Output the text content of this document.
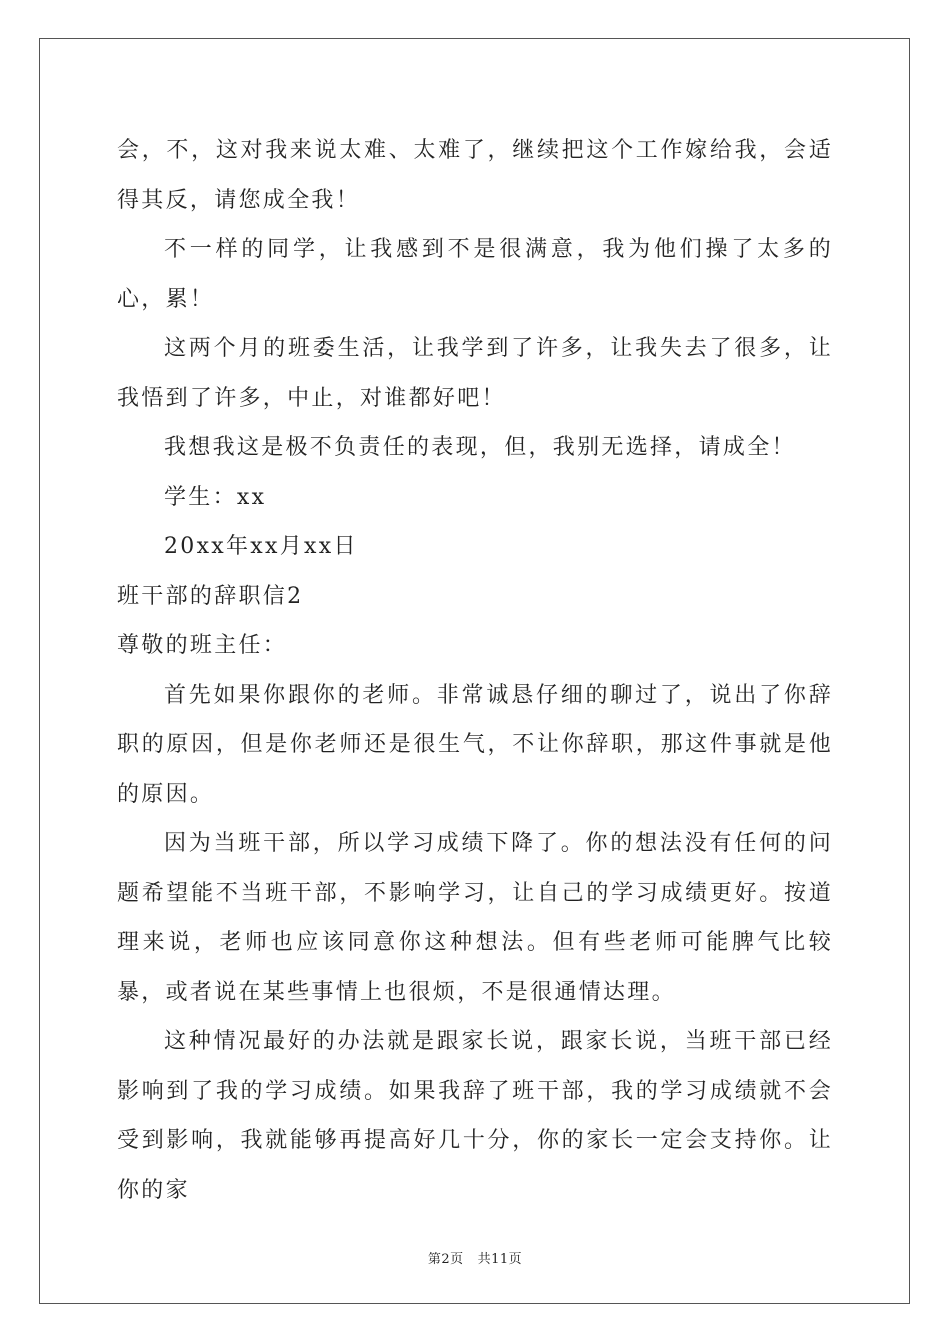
会，不，这对我来说太难、太难了，继续把这个工作嫁给我，会适得其反，请您成全我！

不一样的同学，让我感到不是很满意，我为他们操了太多的心，累！

这两个月的班委生活，让我学到了许多，让我失去了很多，让我悟到了许多，中止，对谁都好吧！

我想我这是极不负责任的表现，但，我别无选择，请成全！

学生：xx

20xx年xx月xx日

班干部的辞职信2

尊敬的班主任：

首先如果你跟你的老师。非常诚恳仔细的聊过了，说出了你辞职的原因，但是你老师还是很生气，不让你辞职，那这件事就是他的原因。

因为当班干部，所以学习成绩下降了。你的想法没有任何的问题希望能不当班干部，不影响学习，让自己的学习成绩更好。按道理来说，老师也应该同意你这种想法。但有些老师可能脾气比较暴，或者说在某些事情上也很烦，不是很通情达理。

这种情况最好的办法就是跟家长说，跟家长说，当班干部已经影响到了我的学习成绩。如果我辞了班干部，我的学习成绩就不会受到影响，我就能够再提高好几十分，你的家长一定会支持你。让你的家

第2页 共11页
